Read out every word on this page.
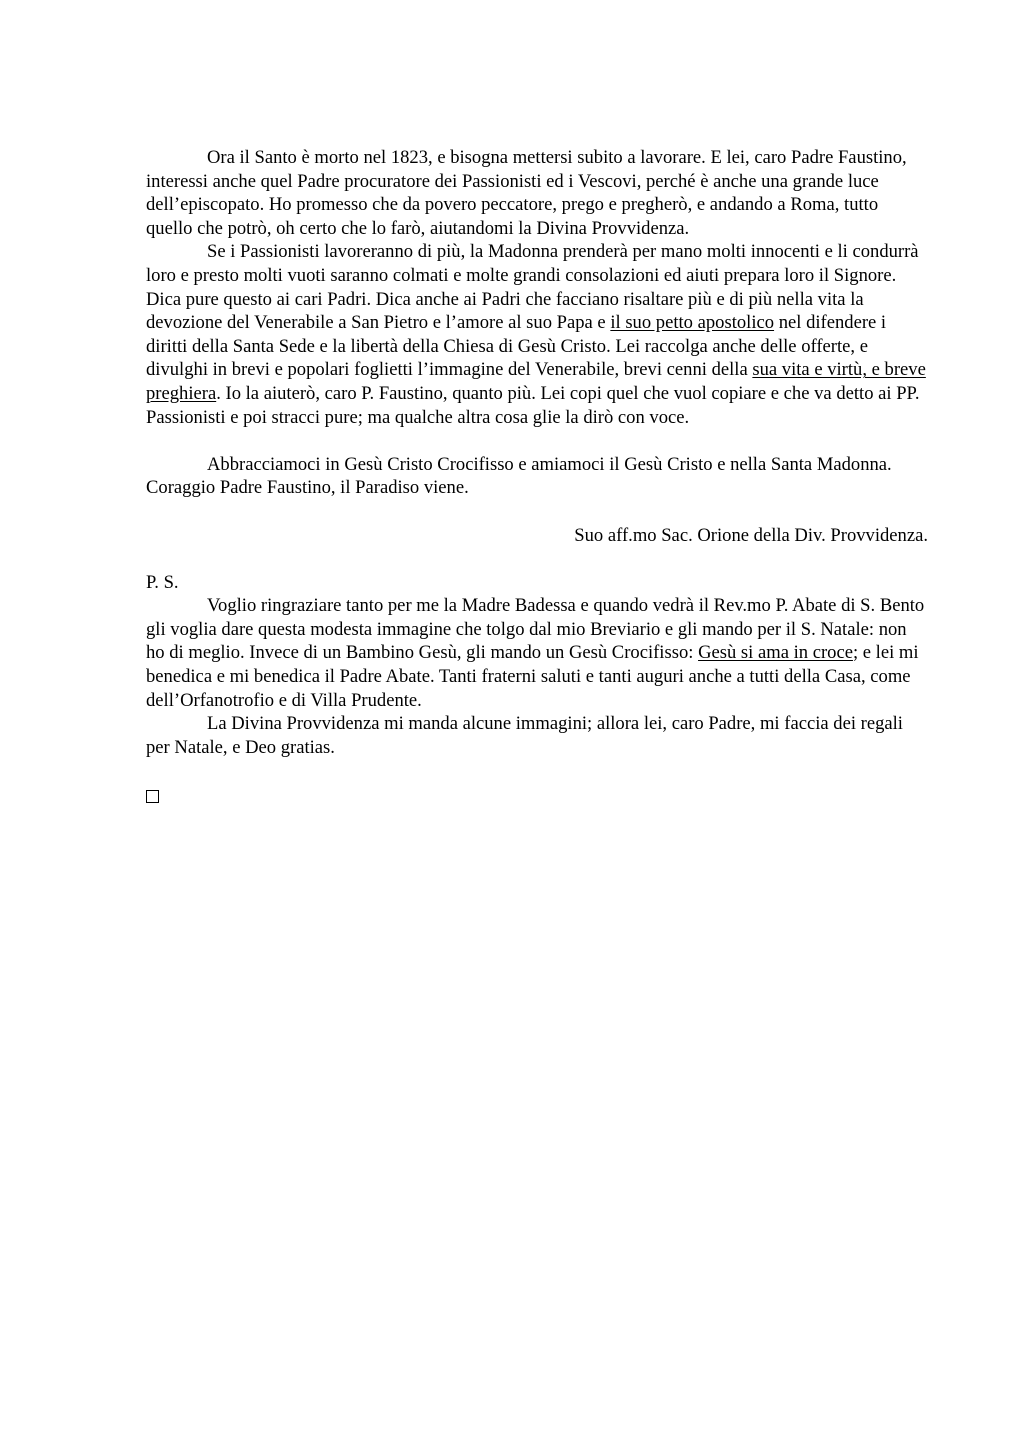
Ora il Santo è morto nel 1823, e bisogna mettersi subito a lavorare. E lei, caro Padre Faustino, interessi anche quel Padre procuratore dei Passionisti ed i Vescovi, perché è anche una grande luce dell’episcopato. Ho promesso che da povero peccatore, prego e pregherò, e andando a Roma, tutto quello che potrò, oh certo che lo farò, aiutandomi la Divina Provvidenza.

Se i Passionisti lavoreranno di più, la Madonna prenderà per mano molti innocenti e li condurrà loro e presto molti vuoti saranno colmati e molte grandi consolazioni ed aiuti prepara loro il Signore. Dica pure questo ai cari Padri. Dica anche ai Padri che facciano risaltare più e di più nella vita la devozione del Venerabile a San Pietro e l’amore al suo Papa e il suo petto apostolico nel difendere i diritti della Santa Sede e la libertà della Chiesa di Gesù Cristo. Lei raccolga anche delle offerte, e divulghi in brevi e popolari foglietti l’immagine del Venerabile, brevi cenni della sua vita e virtù, e breve preghiera. Io la aiuterò, caro P. Faustino, quanto più. Lei copi quel che vuol copiare e che va detto ai PP. Passionisti e poi stracci pure; ma qualche altra cosa glie la dirò con voce.

Abbracciamoci in Gesù Cristo Crocifisso e amiamoci il Gesù Cristo e nella Santa Madonna. Coraggio Padre Faustino, il Paradiso viene.

Suo aff.mo Sac. Orione della Div. Provvidenza.

P. S.

Voglio ringraziare tanto per me la Madre Badessa e quando vedrà il Rev.mo P. Abate di S. Bento gli voglia dare questa modesta immagine che tolgo dal mio Breviario e gli mando per il S. Natale: non ho di meglio. Invece di un Bambino Gesù, gli mando un Gesù Crocifisso: Gesù si ama in croce; e lei mi benedica e mi benedica il Padre Abate. Tanti fraterni saluti e tanti auguri anche a tutti della Casa, come dell’Orfanotrofio e di Villa Prudente.

La Divina Provvidenza mi manda alcune immagini; allora lei, caro Padre, mi faccia dei regali per Natale, e Deo gratias.
